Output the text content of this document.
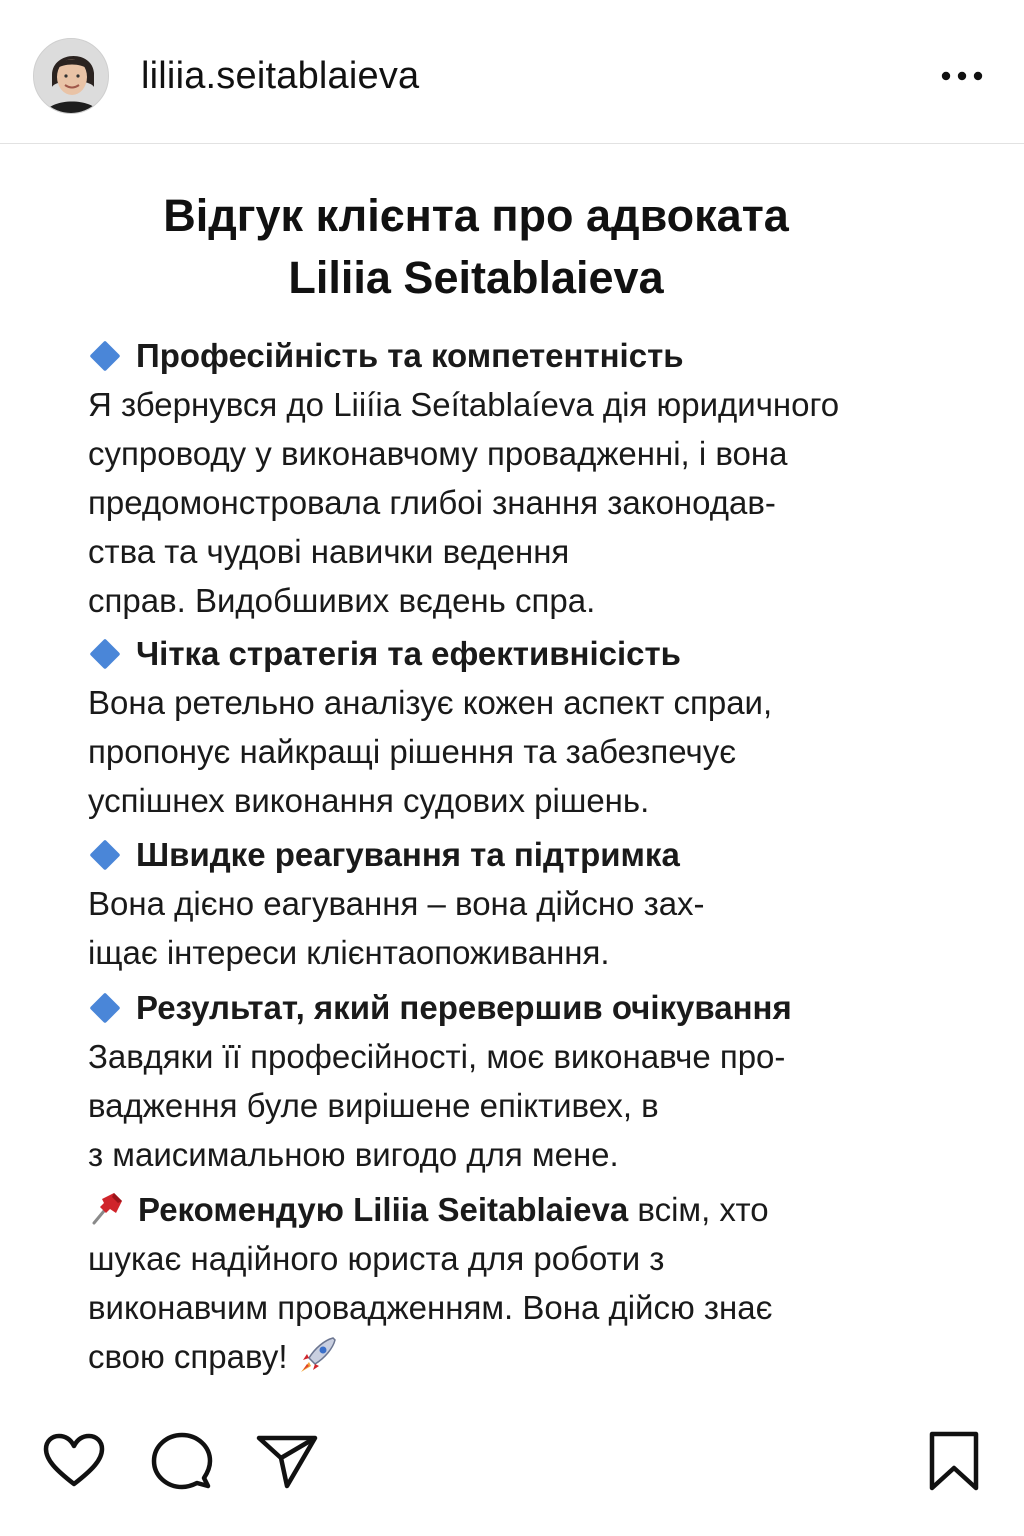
liliia.seitablaieva
Відгук клієнта про адвоката
Liliia Seitablaieva
Професійність та компетентність
Я збернувся до Liiíia Seítablaíeva дія юридичного
супроводу у виконавчому провадженні, і вона
предомонстровала глибоі знання законодав-
ства та чудові навички ведення
справ. Видобшивих вєдень спра.
Чітка стратегія та ефективнісість
Вона ретельно аналізує кожен аспект спраи,
пропонує найкращі рішення та забезпечує
успішнех виконання судових рішень.
Швидке реагування та підтримка
Вона дієно еагування – вона дійсно зах-
іщає інтереси клієнтаопоживання.
Результат, який перевершив очікування
Завдяки її професійності, моє виконавче про-
вадження буле вирішене епіктивех, в
з маисимальною вигодо для мене.
Рекомендую Liliia Seitablaieva всім, хто
шукає надійного юриста для роботи з
виконавчим провадженням. Вона дійсю знає
свою справу!
